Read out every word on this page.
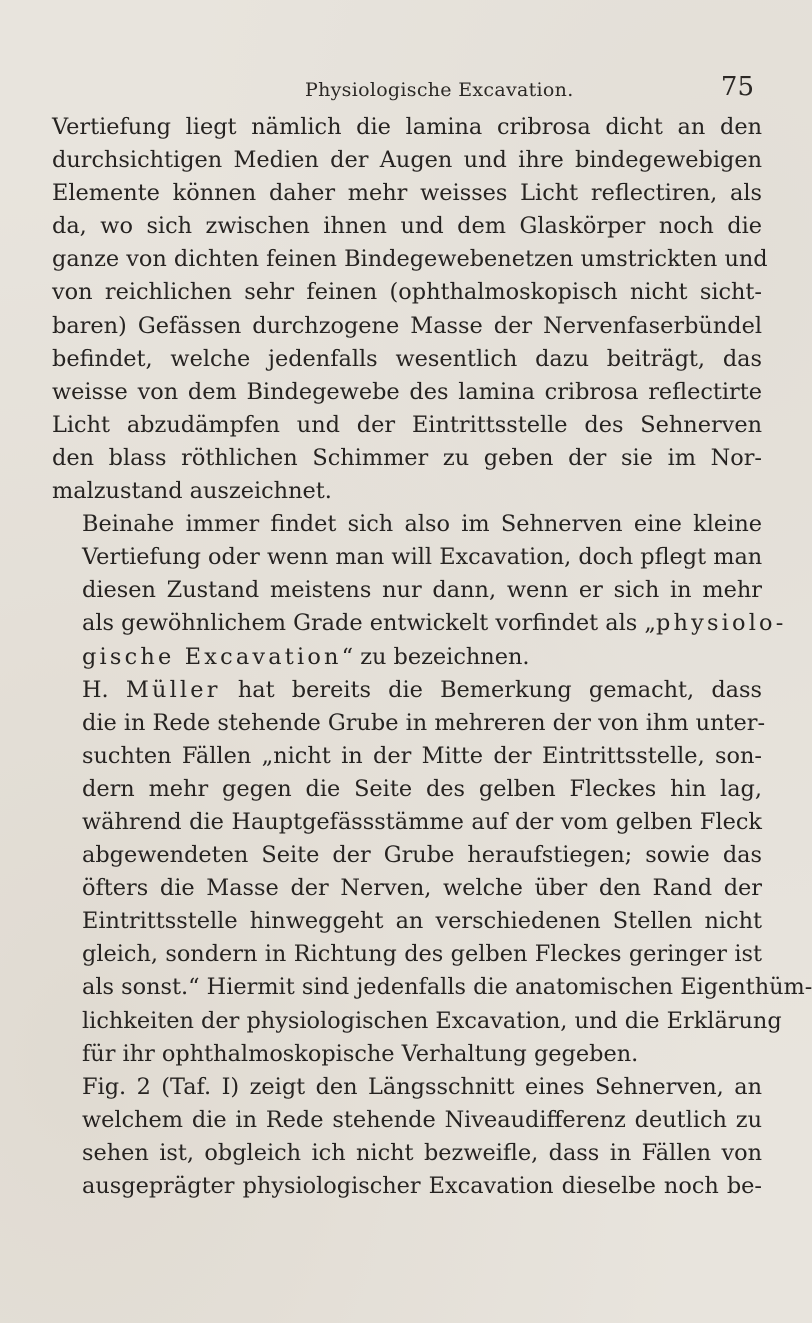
Physiologische Excavation.	75

Vertiefung liegt nämlich die lamina cribrosa dicht an den
durchsichtigen Medien der Augen und ihre bindegewebigen
Elemente können daher mehr weisses Licht reflectiren, als
da, wo sich zwischen ihnen und dem Glaskörper noch die
ganze von dichten feinen Bindegewebenetzen umstrickten und
von reichlichen sehr feinen (ophthalmoskopisch nicht sicht-
baren) Gefässen durchzogene Masse der Nervenfaserbündel
befindet, welche jedenfalls wesentlich dazu beiträgt, das
weisse von dem Bindegewebe des lamina cribrosa reflectirte
Licht abzudämpfen und der Eintrittsstelle des Sehnerven
den blass röthlichen Schimmer zu geben der sie im Nor-
malzustand auszeichnet.

Beinahe immer findet sich also im Sehnerven eine kleine
Vertiefung oder wenn man will Excavation, doch pflegt man
diesen Zustand meistens nur dann, wenn er sich in mehr
als gewöhnlichem Grade entwickelt vorfindet als „physiolo-
gische Excavation“ zu bezeichnen.

H. Müller hat bereits die Bemerkung gemacht, dass
die in Rede stehende Grube in mehreren der von ihm unter-
suchten Fällen „nicht in der Mitte der Eintrittsstelle, son-
dern mehr gegen die Seite des gelben Fleckes hin lag,
während die Hauptgefässstämme auf der vom gelben Fleck
abgewendeten Seite der Grube heraufstiegen; sowie das
öfters die Masse der Nerven, welche über den Rand der
Eintrittsstelle hinweggeht an verschiedenen Stellen nicht
gleich, sondern in Richtung des gelben Fleckes geringer ist
als sonst.“ Hiermit sind jedenfalls die anatomischen Eigenthüm-
lichkeiten der physiologischen Excavation, und die Erklärung
für ihr ophthalmoskopische Verhaltung gegeben.

Fig. 2 (Taf. I) zeigt den Längsschnitt eines Sehnerven, an
welchem die in Rede stehende Niveaudifferenz deutlich zu
sehen ist, obgleich ich nicht bezweifle, dass in Fällen von
ausgeprägter physiologischer Excavation dieselbe noch be-
